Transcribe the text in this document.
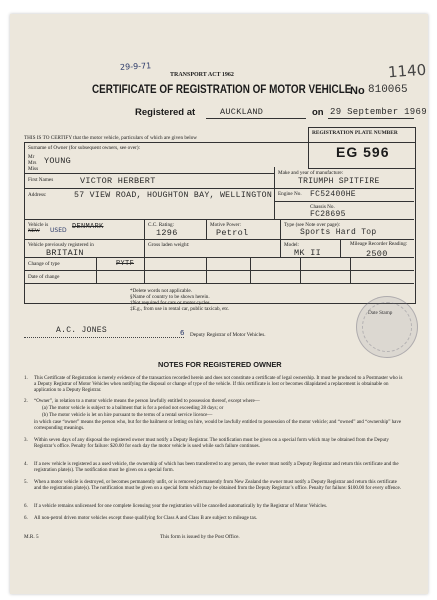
TRANSPORT ACT 1962
29-9-71	1140
CERTIFICATE OF REGISTRATION OF MOTOR VEHICLE
No 810065
Registered at	AUCKLAND	on 29 September 1969
THIS IS TO CERTIFY that the motor vehicle, particulars of which are given below
REGISTRATION PLATE NUMBER
EG 596
Surname of Owner (for subsequent owners, see over):
Mr
Mrs
Miss
YOUNG
First Names	VICTOR HERBERT
Address:	57 VIEW ROAD, HOUGHTON BAY, WELLINGTON
Make and year of manufacture:
TRIUMPH SPITFIRE
Engine No. FC52400HE
Chassis No.
FC28695
Vehicle is
NEW USED DENMARK	C.C. Rating:
1296
Motive Power:
Petrol
Type (see Note over page):
Sports Hard Top
Vehicle previously registered in
BRITAIN
Gross laden weight:	Model:
MK II
Mileage Recorder Reading:
2500
Change of type	PYTF
Date of change
*Delete words not applicable.
§Name of country to be shown herein.
†Not required for cars or motor cycles.
‡E.g., from use in rental car, public taxicab, etc.
Date Stamp
A.C. JONES	6 Deputy Registrar of Motor Vehicles.
NOTES FOR REGISTERED OWNER
1. This Certificate of Registration is merely evidence of the transaction recorded herein and does not constitute a certificate of legal ownership. It must be produced to a Postmaster who is a Deputy Registrar of Motor Vehicles when notifying the disposal or change of type of the vehicle. If this certificate is lost or becomes dilapidated a replacement is obtainable on application to a Deputy Registrar.
2. “Owner”, in relation to a motor vehicle means the person lawfully entitled to possession thereof, except where—
(a) The motor vehicle is subject to a bailment that is for a period not exceeding 28 days; or
(b) The motor vehicle is let on hire pursuant to the terms of a rental service licence—
in which case “owner” means the person who, but for the bailment or letting on hire, would be lawfully entitled to possession of the motor vehicle; and “owned” and “ownership” have corresponding meanings.
3. Within seven days of any disposal the registered owner must notify a Deputy Registrar. The notification must be given on a special form which may be obtained from the Deputy Registrar’s office. Penalty for failure: $20.00 for each day the motor vehicle is used while such failure continues.
4. If a new vehicle is registered as a used vehicle, the ownership of which has been transferred to any person, the owner must notify a Deputy Registrar and return this certificate and the registration plate(s). The notification must be given on a special form.
5. When a motor vehicle is destroyed, or becomes permanently unfit, or is removed permanently from New Zealand the owner must notify a Deputy Registrar and return this certificate and the registration plate(s). The notification must be given on a special form which may be obtained from the Deputy Registrar’s office. Penalty for failure: $100.00 for every offence.
6. If a vehicle remains unlicensed for one complete licensing year the registration will be cancelled automatically by the Registrar of Motor Vehicles.
6. All non-petrol driven motor vehicles except those qualifying for Class A and Class B are subject to mileage tax.
M.R. 5	This form is issued by the Post Office.
